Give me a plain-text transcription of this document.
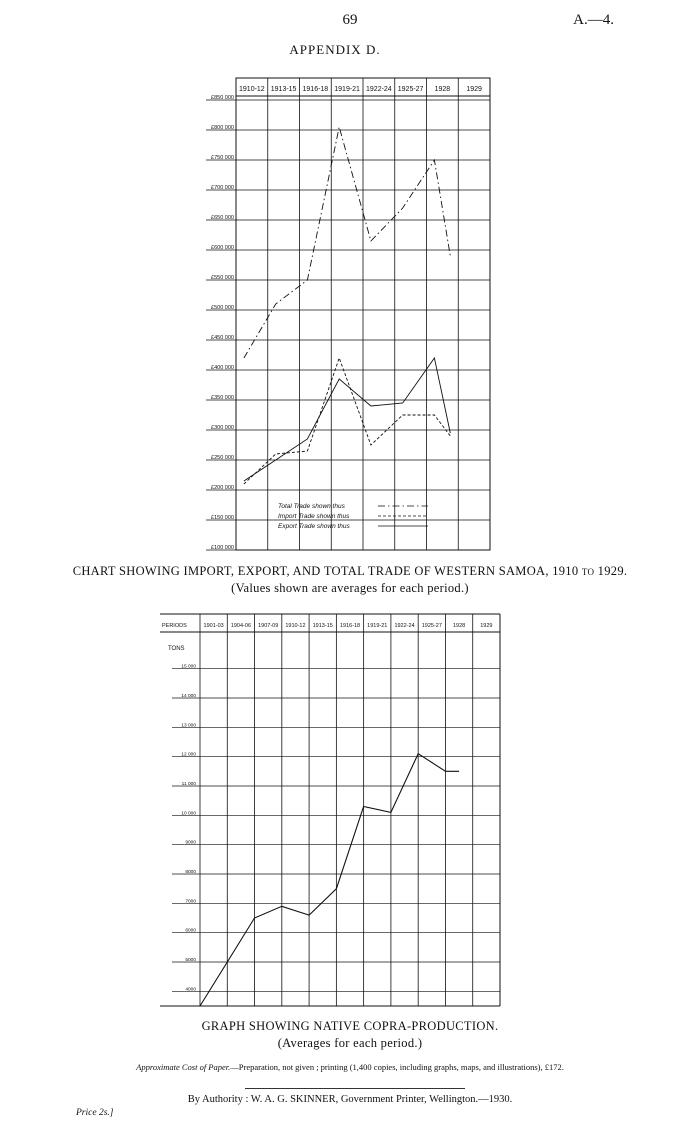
69	A.—4.
APPENDIX D.
1910-12 1913-15 1916-18 1919-21 1922-24 1925-27 1928 1929
£100 000
£150 000
£200 000
£250 000
£300 000
£350 000
£400 000
£450 000
£500 000
£550 000
£600 000
£650 000
£700 000
£750 000
£800 000
£850 000
Total Trade shown thus
Import Trade shown thus
Export Trade shown thus
CHART SHOWING IMPORT, EXPORT, AND TOTAL TRADE OF WESTERN SAMOA, 1910 to 1929.
(Values shown are averages for each period.)
PERIODS	1901-03 1904-06 1907-09 1910-12 1913-15 1916-18 1919-21 1922-24 1925-27 1928	1929
TONS
4000
5000
6000
7000
8000
9000
10 000
11 000
12 000
13 000
14 000
15 000
GRAPH SHOWING NATIVE COPRA-PRODUCTION.
(Averages for each period.)
Approximate Cost of Paper.—Preparation, not given ; printing (1,400 copies, including graphs, maps, and illustrations), £172.
By Authority : W. A. G. SKINNER, Government Printer, Wellington.—1930.
Price 2s.]
